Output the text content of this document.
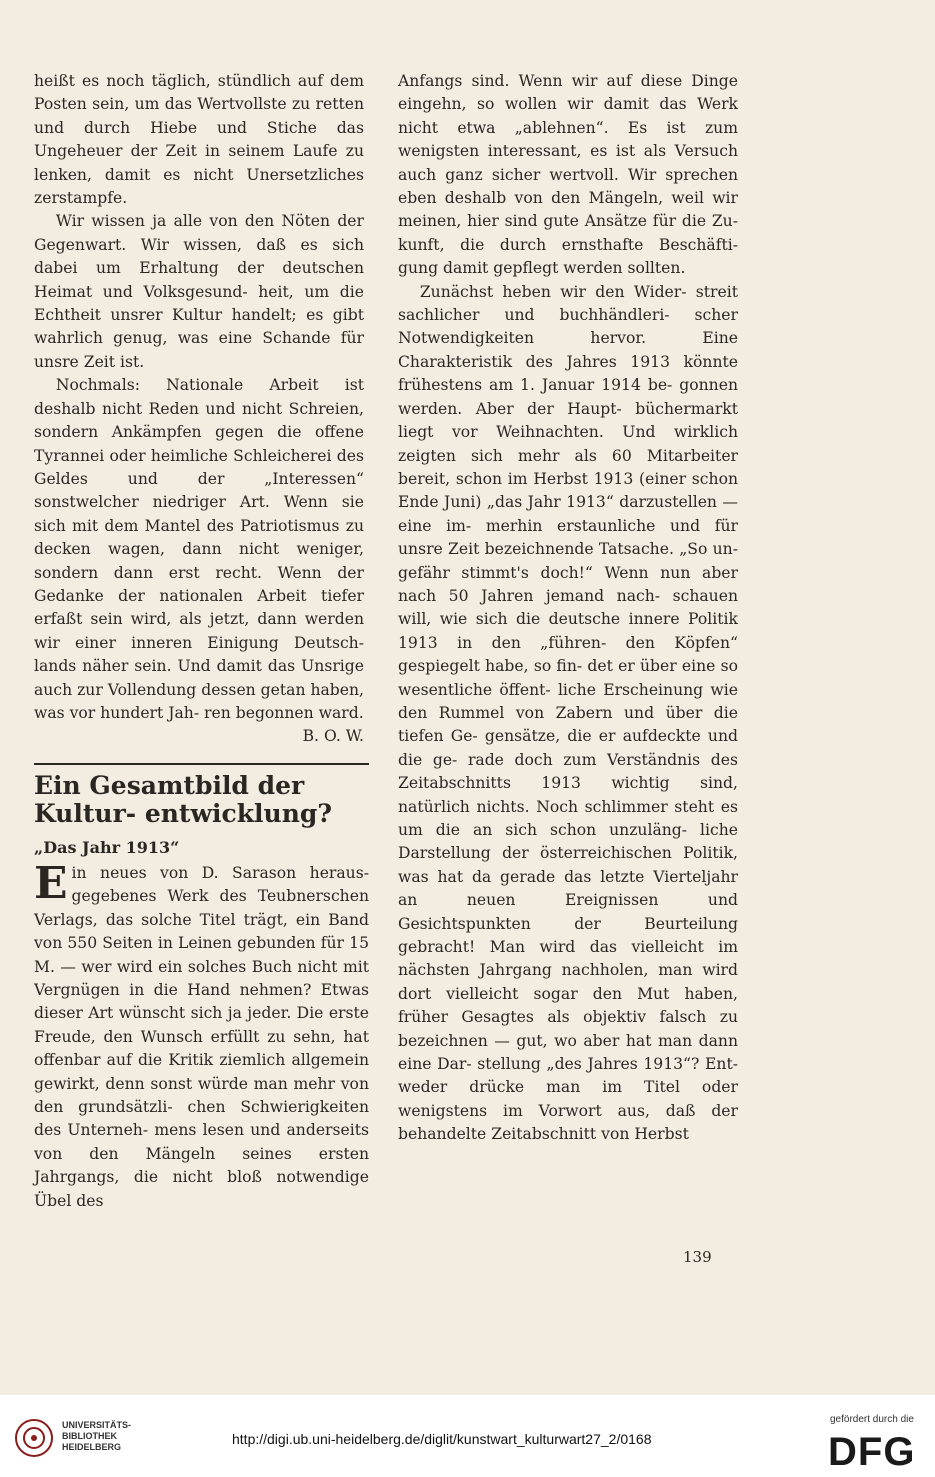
heißt es noch täglich, stündlich auf dem Posten sein, um das Wertvollste zu retten und durch Hiebe und Stiche das Ungeheuer der Zeit in seinem Laufe zu lenken, damit es nicht Unersetzliches zerstampfe.

Wir wissen ja alle von den Nöten der Gegenwart. Wir wissen, daß es sich dabei um Erhaltung der deutschen Heimat und Volksgesund- heit, um die Echtheit unsrer Kultur handelt; es gibt wahrlich genug, was eine Schande für unsre Zeit ist.

Nochmals: Nationale Arbeit ist deshalb nicht Reden und nicht Schreien, sondern Ankämpfen gegen die offene Tyrannei oder heimliche Schleicherei des Geldes und der „Interessen“ sonstwelcher niedriger Art. Wenn sie sich mit dem Mantel des Patriotismus zu decken wagen, dann nicht weniger, sondern dann erst recht. Wenn der Gedanke der nationalen Arbeit tiefer erfaßt sein wird, als jetzt, dann werden wir einer inneren Einigung Deutsch- lands näher sein. Und damit das Unsrige auch zur Vollendung dessen getan haben, was vor hundert Jah- ren begonnen ward.

B. O. W.

Ein Gesamtbild der Kultur- entwicklung?
„Das Jahr 1913“

Ein neues von D. Sarason heraus- gegebenes Werk des Teubnerschen Verlags, das solche Titel trägt, ein Band von 550 Seiten in Leinen gebunden für 15 M. — wer wird ein solches Buch nicht mit Vergnügen in die Hand nehmen? Etwas dieser Art wünscht sich ja jeder. Die erste Freude, den Wunsch erfüllt zu sehn, hat offenbar auf die Kritik ziemlich allgemein gewirkt, denn sonst würde man mehr von den grundsätzli- chen Schwierigkeiten des Unterneh- mens lesen und anderseits von den Mängeln seines ersten Jahrgangs, die nicht bloß notwendige Übel des

Anfangs sind. Wenn wir auf diese Dinge eingehn, so wollen wir damit das Werk nicht etwa „ablehnen“. Es ist zum wenigsten interessant, es ist als Versuch auch ganz sicher wertvoll. Wir sprechen eben deshalb von den Mängeln, weil wir meinen, hier sind gute Ansätze für die Zu- kunft, die durch ernsthafte Beschäfti- gung damit gepflegt werden sollten.

Zunächst heben wir den Wider- streit sachlicher und buchhändleri- scher Notwendigkeiten hervor. Eine Charakteristik des Jahres 1913 könnte frühestens am 1. Januar 1914 be- gonnen werden. Aber der Haupt- büchermarkt liegt vor Weihnachten. Und wirklich zeigten sich mehr als 60 Mitarbeiter bereit, schon im Herbst 1913 (einer schon Ende Juni) „das Jahr 1913“ darzustellen — eine im- merhin erstaunliche und für unsre Zeit bezeichnende Tatsache. „So un- gefähr stimmt's doch!“ Wenn nun aber nach 50 Jahren jemand nach- schauen will, wie sich die deutsche innere Politik 1913 in den „führen- den Köpfen“ gespiegelt habe, so fin- det er über eine so wesentliche öffent- liche Erscheinung wie den Rummel von Zabern und über die tiefen Ge- gensätze, die er aufdeckte und die ge- rade doch zum Verständnis des Zeitabschnitts 1913 wichtig sind, natürlich nichts. Noch schlimmer steht es um die an sich schon unzuläng- liche Darstellung der österreichischen Politik, was hat da gerade das letzte Vierteljahr an neuen Ereignissen und Gesichtspunkten der Beurteilung gebracht! Man wird das vielleicht im nächsten Jahrgang nachholen, man wird dort vielleicht sogar den Mut haben, früher Gesagtes als objektiv falsch zu bezeichnen — gut, wo aber hat man dann eine Dar- stellung „des Jahres 1913“? Ent- weder drücke man im Titel oder wenigstens im Vorwort aus, daß der behandelte Zeitabschnitt von Herbst

139
UNIVERSITÄTS-
BIBLIOTHEK
HEIDELBERG	http://digi.ub.uni-heidelberg.de/diglit/kunstwart_kulturwart27_2/0168
gefördert durch die
DFG
